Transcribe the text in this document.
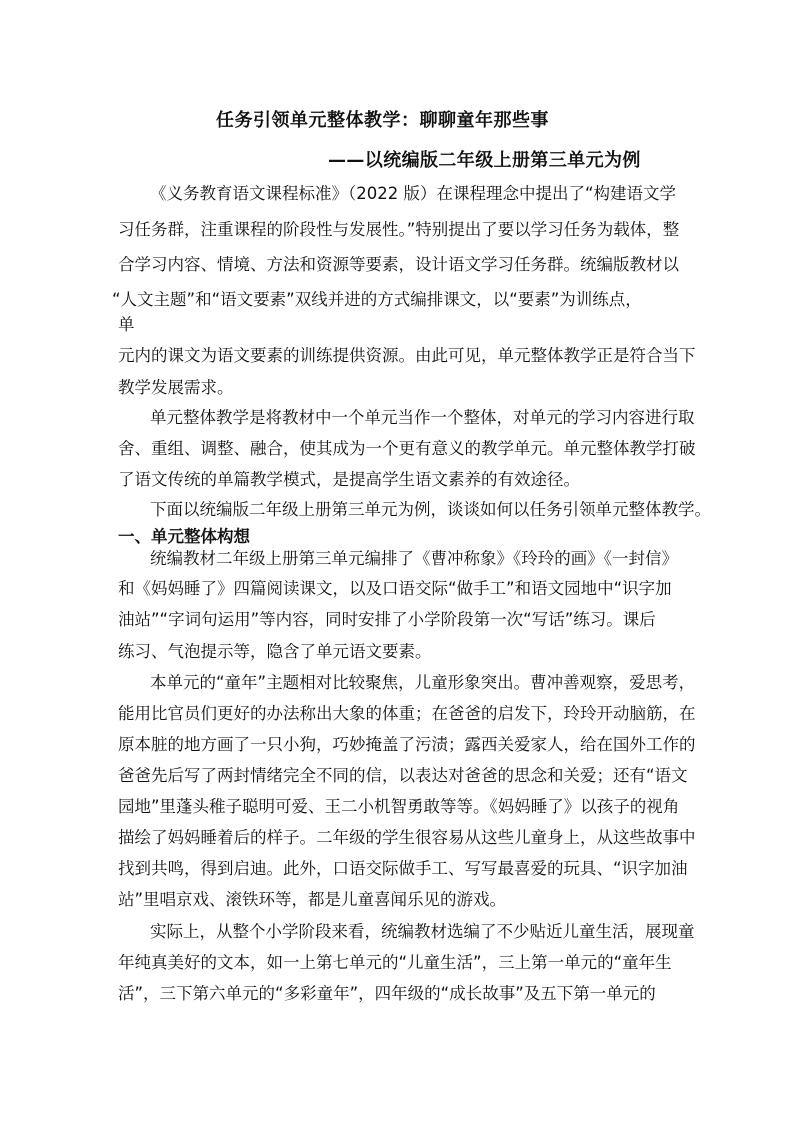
任务引领单元整体教学：聊聊童年那些事
——以统编版二年级上册第三单元为例
《义务教育语文课程标准》（2022 版）在课程理念中提出了“构建语文学
习任务群，注重课程的阶段性与发展性。”特别提出了要以学习任务为载体，整
合学习内容、情境、方法和资源等要素，设计语文学习任务群。统编版教材以
“人文主题”和“语文要素”双线并进的方式编排课文，以“要素”为训练点，
单
元内的课文为语文要素的训练提供资源。由此可见，单元整体教学正是符合当下
教学发展需求。
单元整体教学是将教材中一个单元当作一个整体，对单元的学习内容进行取
舍、重组、调整、融合，使其成为一个更有意义的教学单元。单元整体教学打破
了语文传统的单篇教学模式，是提高学生语文素养的有效途径。
下面以统编版二年级上册第三单元为例，谈谈如何以任务引领单元整体教学。
一、单元整体构想
统编教材二年级上册第三单元编排了《曹冲称象》《玲玲的画》《一封信》
和《妈妈睡了》四篇阅读课文，以及口语交际“做手工”和语文园地中“识字加
油站”“字词句运用”等内容，同时安排了小学阶段第一次“写话”练习。课后
练习、气泡提示等，隐含了单元语文要素。
本单元的“童年”主题相对比较聚焦，儿童形象突出。曹冲善观察，爱思考，
能用比官员们更好的办法称出大象的体重；在爸爸的启发下，玲玲开动脑筋，在
原本脏的地方画了一只小狗，巧妙掩盖了污渍；露西关爱家人，给在国外工作的
爸爸先后写了两封情绪完全不同的信，以表达对爸爸的思念和关爱；还有“语文
园地”里蓬头稚子聪明可爱、王二小机智勇敢等等。《妈妈睡了》以孩子的视角
描绘了妈妈睡着后的样子。二年级的学生很容易从这些儿童身上，从这些故事中
找到共鸣，得到启迪。此外，口语交际做手工、写写最喜爱的玩具、“识字加油
站”里唱京戏、滚铁环等，都是儿童喜闻乐见的游戏。
实际上，从整个小学阶段来看，统编教材选编了不少贴近儿童生活，展现童
年纯真美好的文本，如一上第七单元的“儿童生活”，三上第一单元的“童年生
活”，三下第六单元的“多彩童年”，四年级的“成长故事”及五下第一单元的
